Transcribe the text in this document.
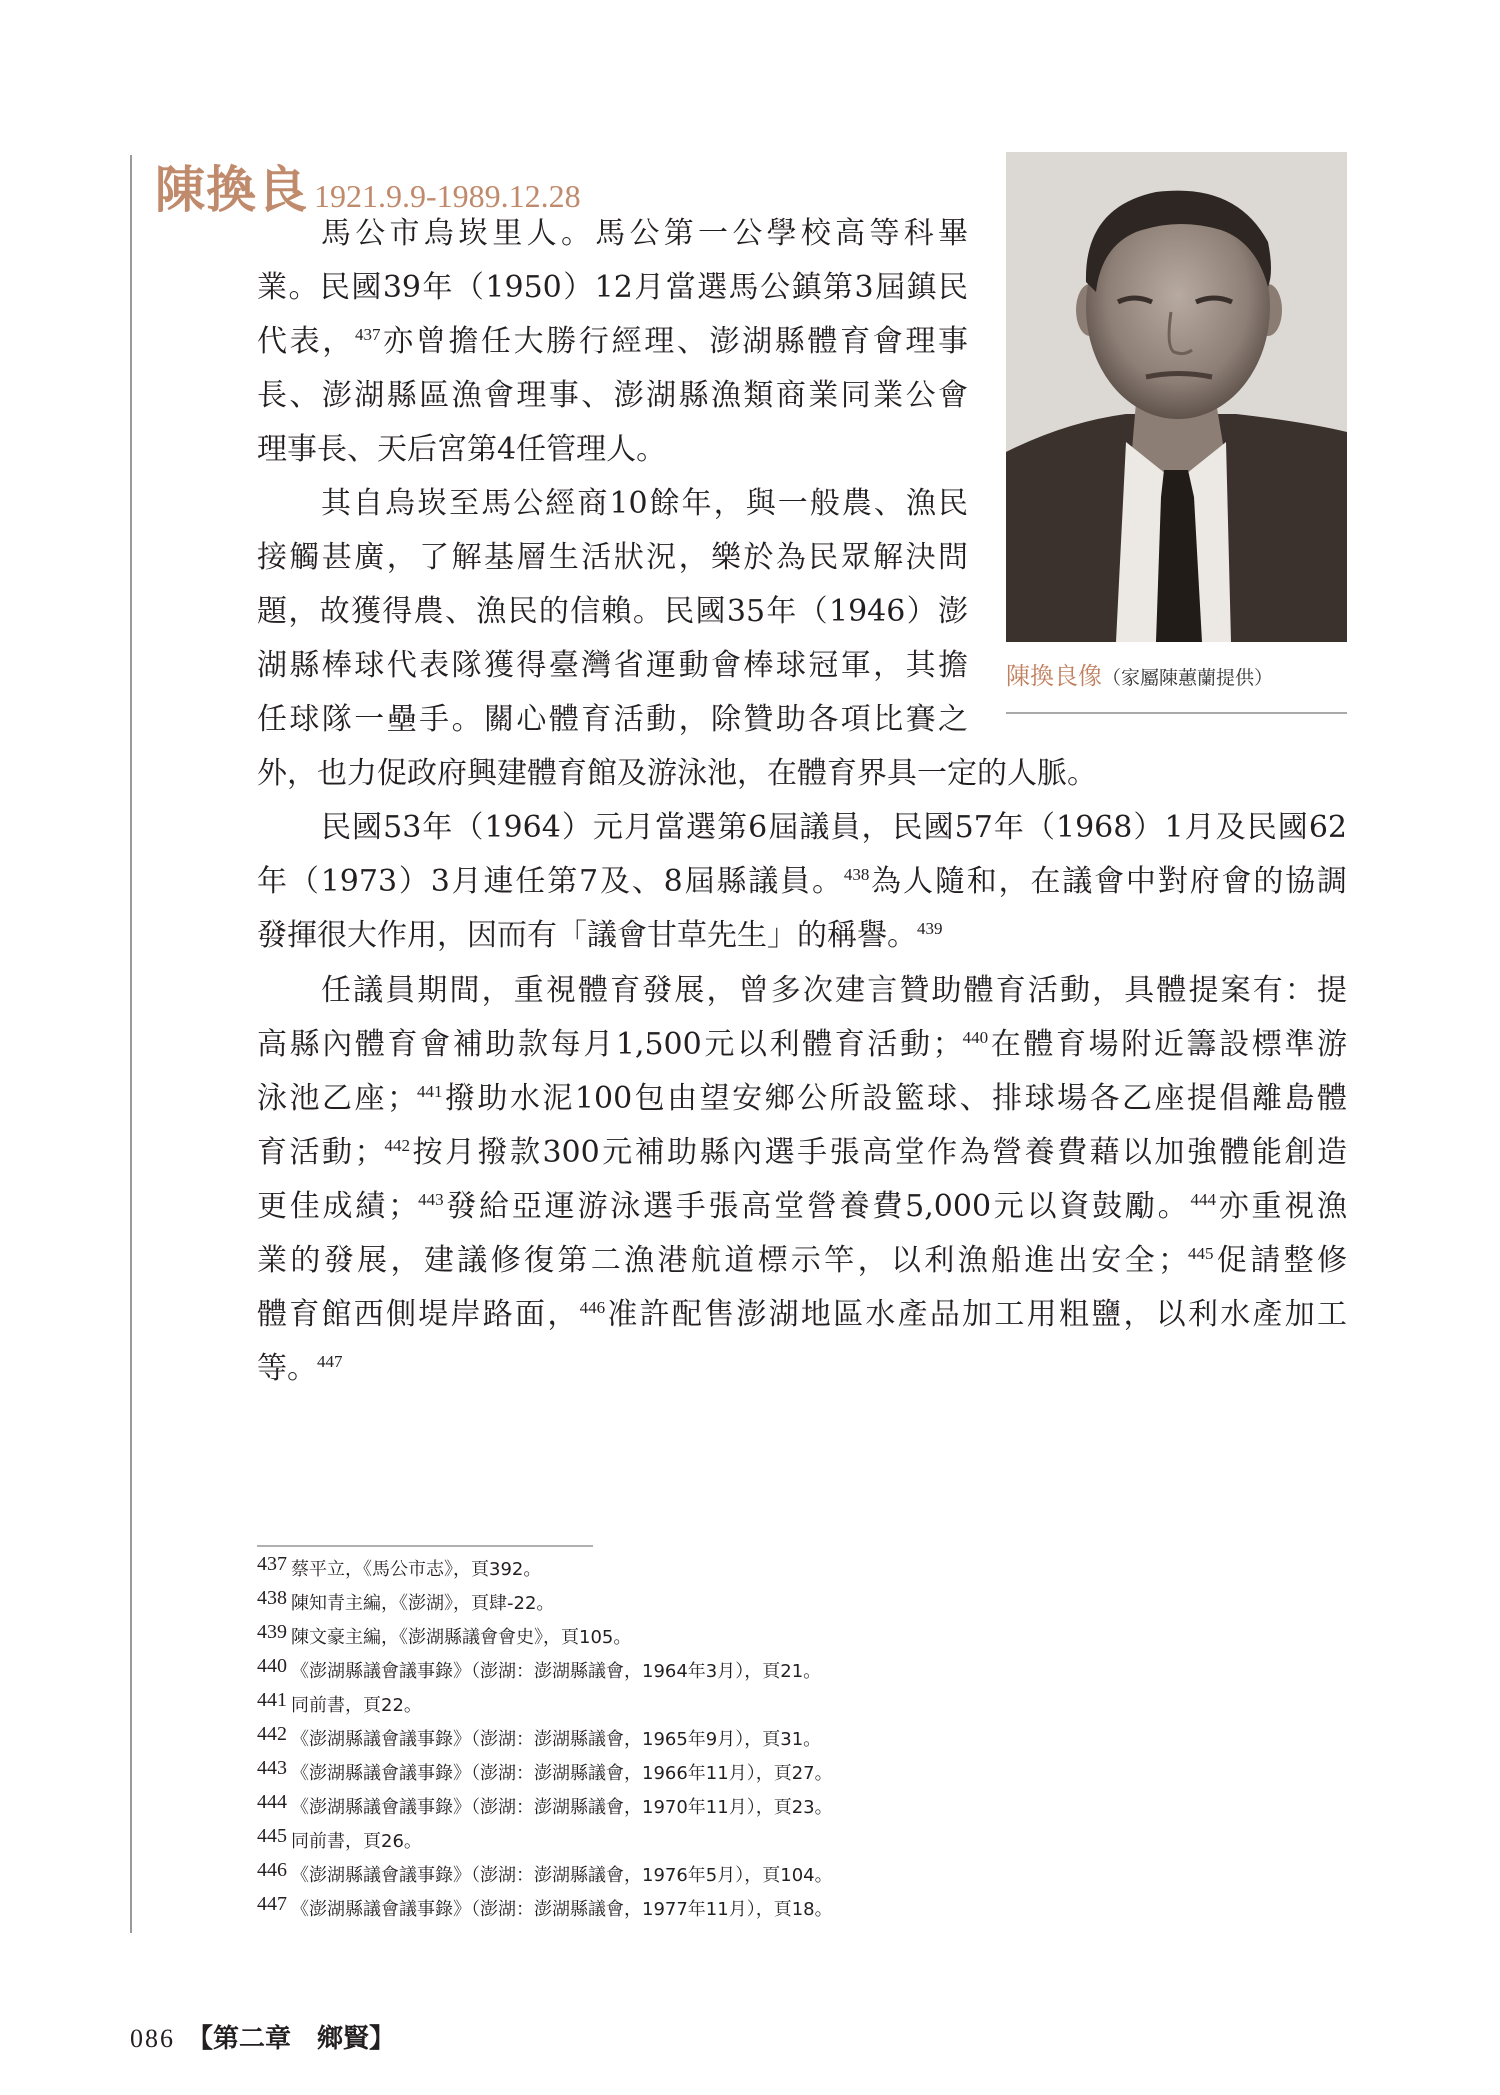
陳換良 1921.9.9-1989.12.28
馬公市烏崁里人。馬公第一公學校高等科畢
業。民國39年（1950）12月當選馬公鎮第3屆鎮民
代表，$^{437}$亦曾擔任大勝行經理、澎湖縣體育會理事
長、澎湖縣區漁會理事、澎湖縣漁類商業同業公會
理事長、天后宮第4任管理人。
其自烏崁至馬公經商10餘年，與一般農、漁民
接觸甚廣，了解基層生活狀況，樂於為民眾解決問
題，故獲得農、漁民的信賴。民國35年（1946）澎
湖縣棒球代表隊獲得臺灣省運動會棒球冠軍，其擔
任球隊一壘手。關心體育活動，除贊助各項比賽之
外，也力促政府興建體育館及游泳池，在體育界具一定的人脈。
民國53年（1964）元月當選第6屆議員，民國57年（1968）1月及民國62
年（1973）3月連任第7及、8屆縣議員。$^{438}$為人隨和，在議會中對府會的協調
發揮很大作用，因而有「議會甘草先生」的稱譽。$^{439}$
任議員期間，重視體育發展，曾多次建言贊助體育活動，具體提案有：提
高縣內體育會補助款每月1,500元以利體育活動；$^{440}$在體育場附近籌設標準游
泳池乙座；$^{441}$撥助水泥100包由望安鄉公所設籃球、排球場各乙座提倡離島體
育活動；$^{442}$按月撥款300元補助縣內選手張高堂作為營養費藉以加強體能創造
更佳成績；$^{443}$發給亞運游泳選手張高堂營養費5,000元以資鼓勵。$^{444}$亦重視漁
業的發展，建議修復第二漁港航道標示竿，以利漁船進出安全；$^{445}$促請整修
體育館西側堤岸路面，$^{446}$准許配售澎湖地區水產品加工用粗鹽，以利水產加工
等。$^{447}$
陳換良像（家屬陳蕙蘭提供）
437 蔡平立，《馬公市志》，頁392。
438 陳知青主編，《澎湖》，頁肆-22。
439 陳文豪主編，《澎湖縣議會會史》，頁105。
440 《澎湖縣議會議事錄》（澎湖：澎湖縣議會，1964年3月），頁21。
441 同前書，頁22。
442 《澎湖縣議會議事錄》（澎湖：澎湖縣議會，1965年9月），頁31。
443 《澎湖縣議會議事錄》（澎湖：澎湖縣議會，1966年11月），頁27。
444 《澎湖縣議會議事錄》（澎湖：澎湖縣議會，1970年11月），頁23。
445 同前書，頁26。
446 《澎湖縣議會議事錄》（澎湖：澎湖縣議會，1976年5月），頁104。
447 《澎湖縣議會議事錄》（澎湖：澎湖縣議會，1977年11月），頁18。
086 【第二章　鄉賢】
